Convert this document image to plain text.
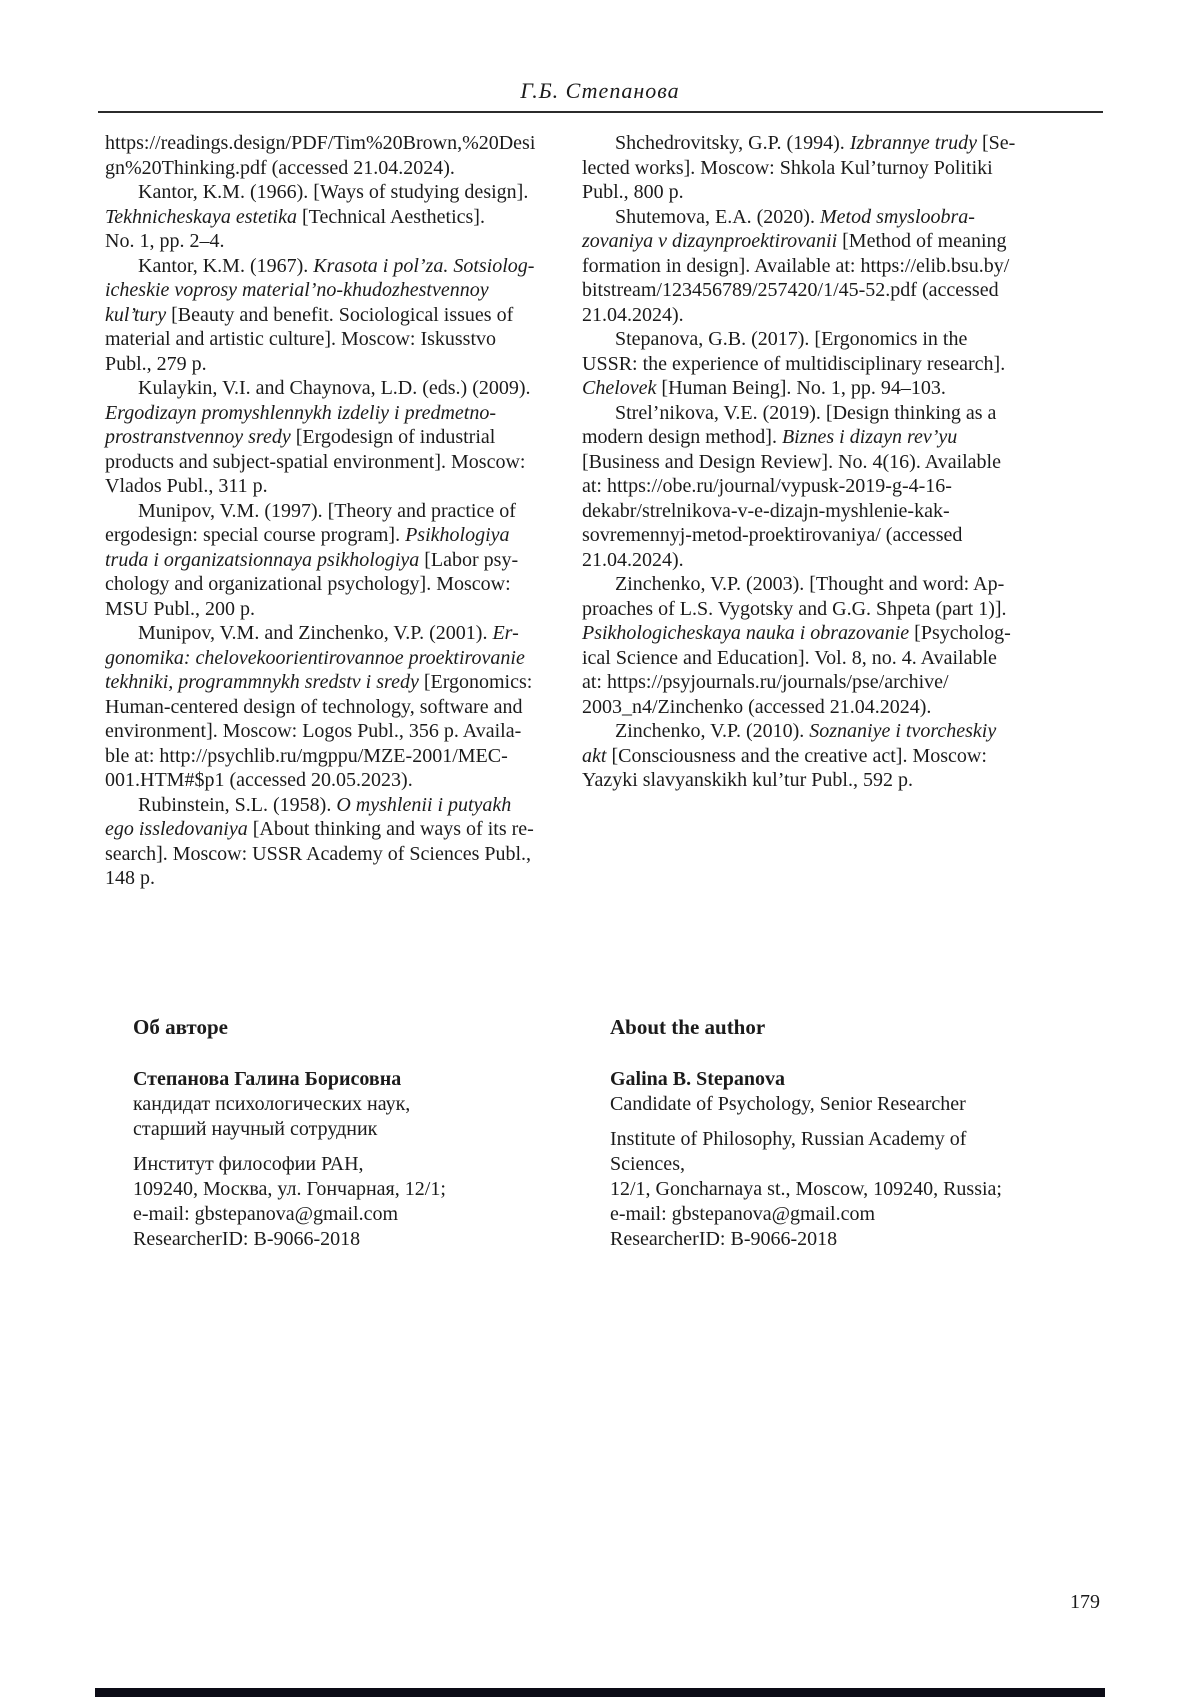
Г.Б. Степанова

https://readings.design/PDF/Tim%20Brown,%20Desi
gn%20Thinking.pdf (accessed 21.04.2024).

Kantor, K.M. (1966). [Ways of studying design].
Tekhnicheskaya estetika [Technical Aesthetics].
No. 1, pp. 2–4.

Kantor, K.M. (1967). Krasota i pol’za. Sotsiolog-
icheskie voprosy material’no-khudozhestvennoy
kul’tury [Beauty and benefit. Sociological issues of
material and artistic culture]. Moscow: Iskusstvo
Publ., 279 p.

Kulaykin, V.I. and Chaynova, L.D. (eds.) (2009).
Ergodizayn promyshlennykh izdeliy i predmetno-
prostranstvennoy sredy [Ergodesign of industrial
products and subject-spatial environment]. Moscow:
Vlados Publ., 311 p.

Munipov, V.M. (1997). [Theory and practice of
ergodesign: special course program]. Psikhologiya
truda i organizatsionnaya psikhologiya [Labor psy-
chology and organizational psychology]. Moscow:
MSU Publ., 200 p.

Munipov, V.M. and Zinchenko, V.P. (2001). Er-
gonomika: chelovekoorientirovannoe proektirovanie
tekhniki, programmnykh sredstv i sredy [Ergonomics:
Human-centered design of technology, software and
environment]. Moscow: Logos Publ., 356 p. Availa-
ble at: http://psychlib.ru/mgppu/MZE-2001/MEC-
001.HTM#$p1 (accessed 20.05.2023).

Rubinstein, S.L. (1958). O myshlenii i putyakh
ego issledovaniya [About thinking and ways of its re-
search]. Moscow: USSR Academy of Sciences Publ.,
148 p.

Shchedrovitsky, G.P. (1994). Izbrannye trudy [Se-
lected works]. Moscow: Shkola Kul’turnoy Politiki
Publ., 800 p.

Shutemova, E.A. (2020). Metod smysloobra-
zovaniya v dizaynproektirovanii [Method of meaning
formation in design]. Available at: https://elib.bsu.by/
bitstream/123456789/257420/1/45-52.pdf (accessed
21.04.2024).

Stepanova, G.B. (2017). [Ergonomics in the
USSR: the experience of multidisciplinary research].
Chelovek [Human Being]. No. 1, pp. 94–103.

Strel’nikova, V.E. (2019). [Design thinking as a
modern design method]. Biznes i dizayn rev’yu
[Business and Design Review]. No. 4(16). Available
at: https://obe.ru/journal/vypusk-2019-g-4-16-
dekabr/strelnikova-v-e-dizajn-myshlenie-kak-
sovremennyj-metod-proektirovaniya/ (accessed
21.04.2024).

Zinchenko, V.P. (2003). [Thought and word: Ap-
proaches of L.S. Vygotsky and G.G. Shpeta (part 1)].
Psikhologicheskaya nauka i obrazovanie [Psycholog-
ical Science and Education]. Vol. 8, no. 4. Available
at: https://psyjournals.ru/journals/pse/archive/
2003_n4/Zinchenko (accessed 21.04.2024).

Zinchenko, V.P. (2010). Soznaniye i tvorcheskiy
akt [Consciousness and the creative act]. Moscow:
Yazyki slavyanskikh kul’tur Publ., 592 p.

Об авторе

Степанова Галина Борисовна

кандидат психологических наук,

старший научный сотрудник

Институт философии РАН,

109240, Москва, ул. Гончарная, 12/1;

e-mail: gbstepanova@gmail.com

ResearcherID: B-9066-2018

About the author

Galina B. Stepanova

Candidate of Psychology, Senior Researcher

Institute of Philosophy, Russian Academy of Sciences,

12/1, Goncharnaya st., Moscow, 109240, Russia;

e-mail: gbstepanova@gmail.com

ResearcherID: B-9066-2018

179
